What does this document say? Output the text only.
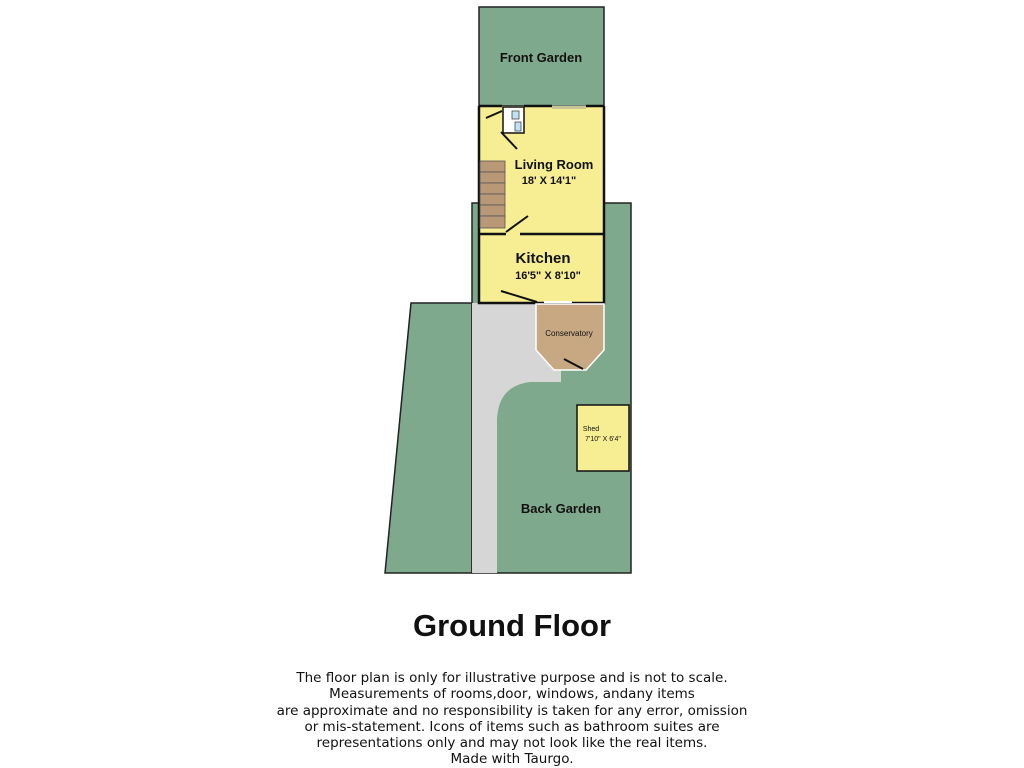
Front Garden
Living Room
18' X 14'1"
Kitchen
16'5" X 8'10"
Conservatory
Shed
7'10" X 6'4"
Back Garden
Ground Floor
The floor plan is only for illustrative purpose and is not to scale.
Measurements of rooms,door, windows, andany items
are approximate and no responsibility is taken for any error, omission
or mis-statement. Icons of items such as bathroom suites are
representations only and may not look like the real items.
Made with Taurgo.
